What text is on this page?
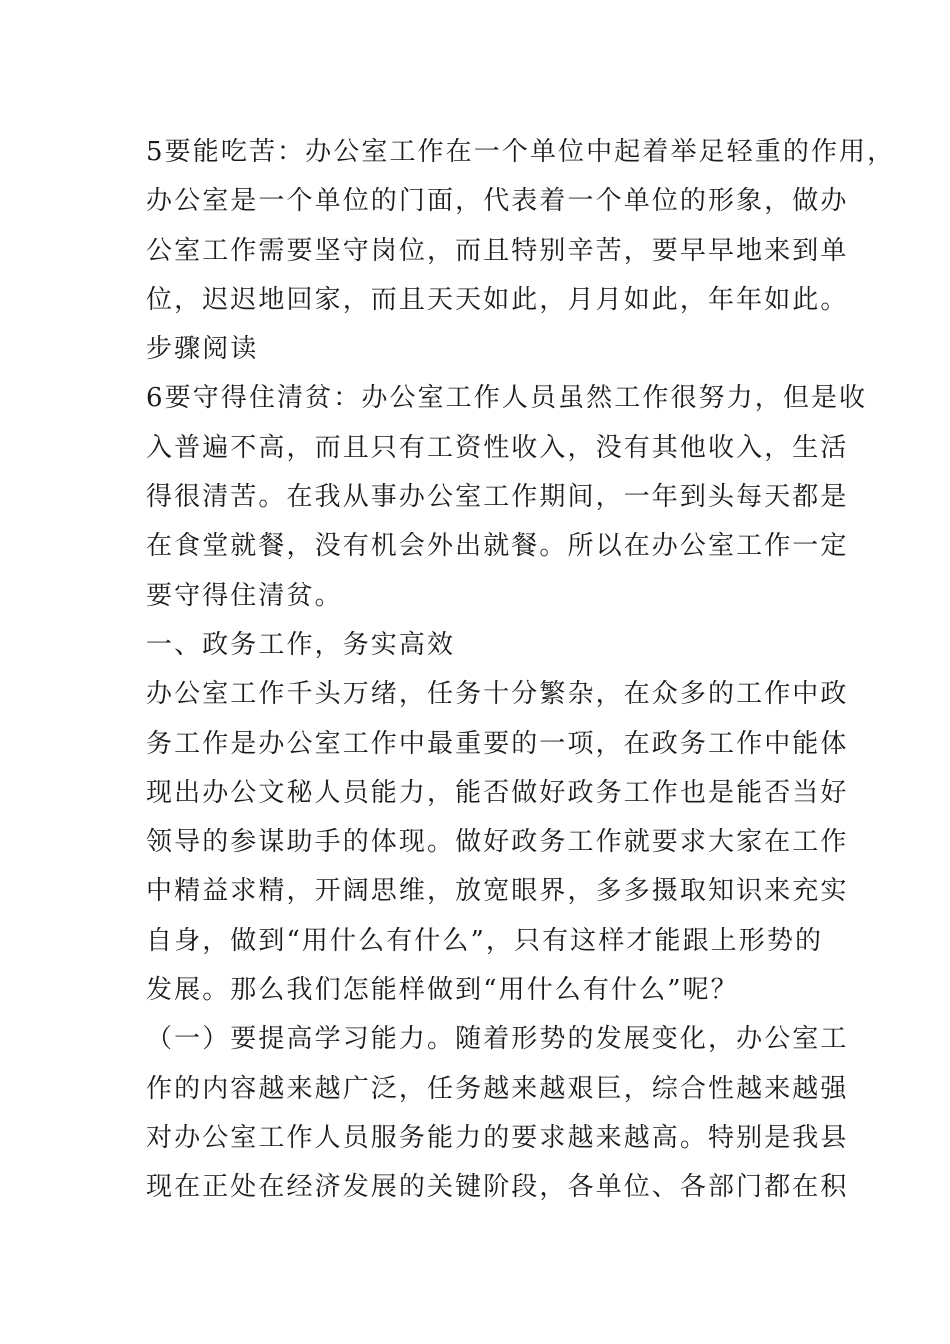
5要能吃苦：办公室工作在一个单位中起着举足轻重的作用，
办公室是一个单位的门面，代表着一个单位的形象，做办
公室工作需要坚守岗位，而且特别辛苦，要早早地来到单
位，迟迟地回家，而且天天如此，月月如此，年年如此。
步骤阅读
6要守得住清贫：办公室工作人员虽然工作很努力，但是收
入普遍不高，而且只有工资性收入，没有其他收入，生活
得很清苦。在我从事办公室工作期间，一年到头每天都是
在食堂就餐，没有机会外出就餐。所以在办公室工作一定
要守得住清贫。
一、政务工作，务实高效
办公室工作千头万绪，任务十分繁杂，在众多的工作中政
务工作是办公室工作中最重要的一项，在政务工作中能体
现出办公文秘人员能力，能否做好政务工作也是能否当好
领导的参谋助手的体现。做好政务工作就要求大家在工作
中精益求精，开阔思维，放宽眼界，多多摄取知识来充实
自身，做到“用什么有什么”，只有这样才能跟上形势的
发展。那么我们怎能样做到“用什么有什么”呢？
（一）要提高学习能力。随着形势的发展变化，办公室工
作的内容越来越广泛，任务越来越艰巨，综合性越来越强
对办公室工作人员服务能力的要求越来越高。特别是我县
现在正处在经济发展的关键阶段，各单位、各部门都在积
